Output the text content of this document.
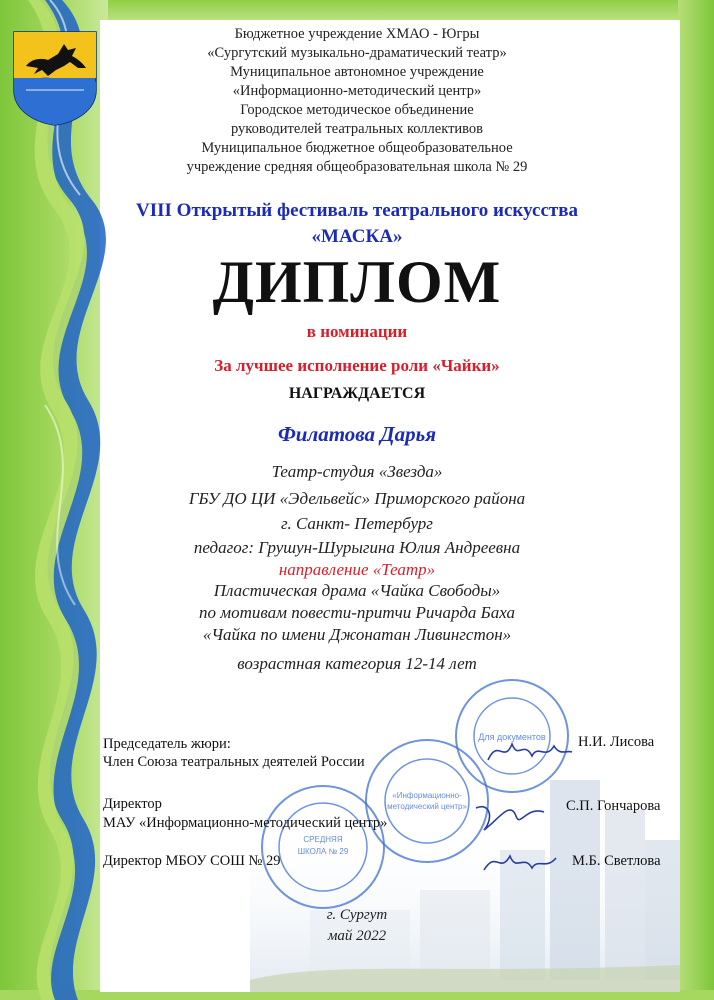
Бюджетное учреждение ХМАО - Югры
«Сургутский музыкально-драматический театр»
Муниципальное автономное учреждение
«Информационно-методический центр»
Городское методическое объединение
руководителей театральных коллективов
Муниципальное бюджетное общеобразовательное
учреждение средняя общеобразовательная школа № 29
VIII Открытый фестиваль театрального искусства
«МАСКА»
ДИПЛОМ
в номинации
За лучшее исполнение роли «Чайки»
НАГРАЖДАЕТСЯ
Филатова Дарья
Театр-студия «Звезда»
ГБУ ДО ЦИ «Эдельвейс» Приморского района
г. Санкт- Петербург
педагог: Грушун-Шурыгина Юлия Андреевна
направление «Театр»
Пластическая драма «Чайка Свободы»
по мотивам повести-притчи Ричарда Баха
«Чайка по имени Джонатан Ливингстон»
возрастная категория 12-14 лет
СРЕДНЯЯ
ШКОЛА № 29
«Информационно-
методический центр»
Для документов
Председатель жюри:
Член Союза театральных деятелей России
Н.И. Лисова
Директор
МАУ «Информационно-методический центр»
С.П. Гончарова
Директор МБОУ СОШ № 29	М.Б. Светлова
г. Сургут
май 2022
